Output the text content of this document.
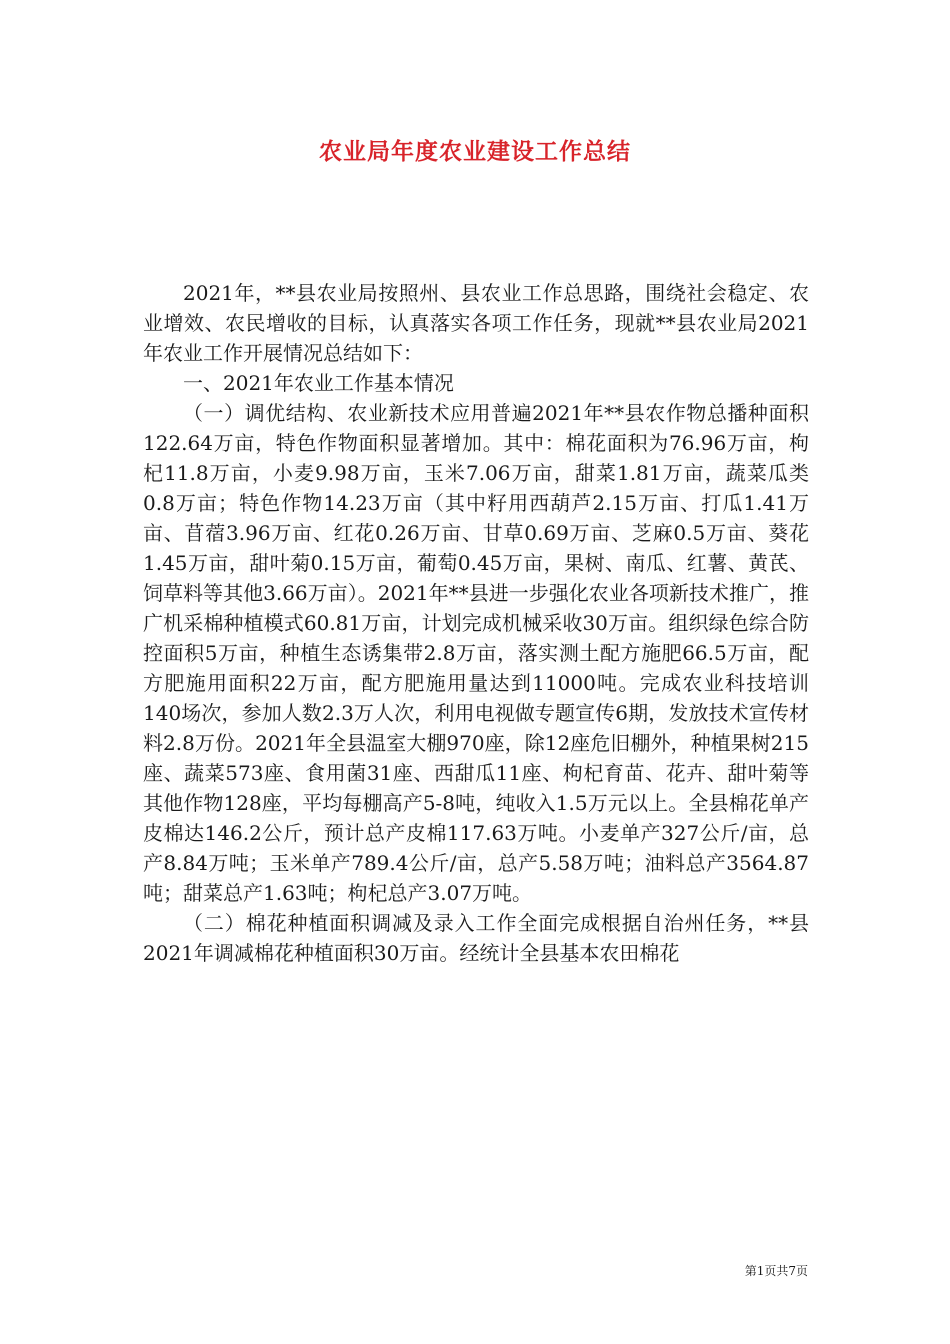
农业局年度农业建设工作总结

2021年，**县农业局按照州、县农业工作总思路，围绕社会稳定、农业增效、农民增收的目标，认真落实各项工作任务，现就**县农业局2021年农业工作开展情况总结如下：

一、2021年农业工作基本情况

（一）调优结构、农业新技术应用普遍2021年**县农作物总播种面积122.64万亩，特色作物面积显著增加。其中：棉花面积为76.96万亩，枸杞11.8万亩，小麦9.98万亩，玉米7.06万亩，甜菜1.81万亩，蔬菜瓜类0.8万亩；特色作物14.23万亩（其中籽用西葫芦2.15万亩、打瓜1.41万亩、苜蓿3.96万亩、红花0.26万亩、甘草0.69万亩、芝麻0.5万亩、葵花1.45万亩，甜叶菊0.15万亩，葡萄0.45万亩，果树、南瓜、红薯、黄芪、饲草料等其他3.66万亩）。2021年**县进一步强化农业各项新技术推广，推广机采棉种植模式60.81万亩，计划完成机械采收30万亩。组织绿色综合防控面积5万亩，种植生态诱集带2.8万亩，落实测土配方施肥66.5万亩，配方肥施用面积22万亩，配方肥施用量达到11000吨。完成农业科技培训140场次，参加人数2.3万人次，利用电视做专题宣传6期，发放技术宣传材料2.8万份。2021年全县温室大棚970座，除12座危旧棚外，种植果树215座、蔬菜573座、食用菌31座、西甜瓜11座、枸杞育苗、花卉、甜叶菊等其他作物128座，平均每棚高产5-8吨，纯收入1.5万元以上。全县棉花单产皮棉达146.2公斤，预计总产皮棉117.63万吨。小麦单产327公斤/亩，总产8.84万吨；玉米单产789.4公斤/亩，总产5.58万吨；油料总产3564.87吨；甜菜总产1.63吨；枸杞总产3.07万吨。

（二）棉花种植面积调减及录入工作全面完成根据自治州任务，**县2021年调减棉花种植面积30万亩。经统计全县基本农田棉花

第1页共7页
